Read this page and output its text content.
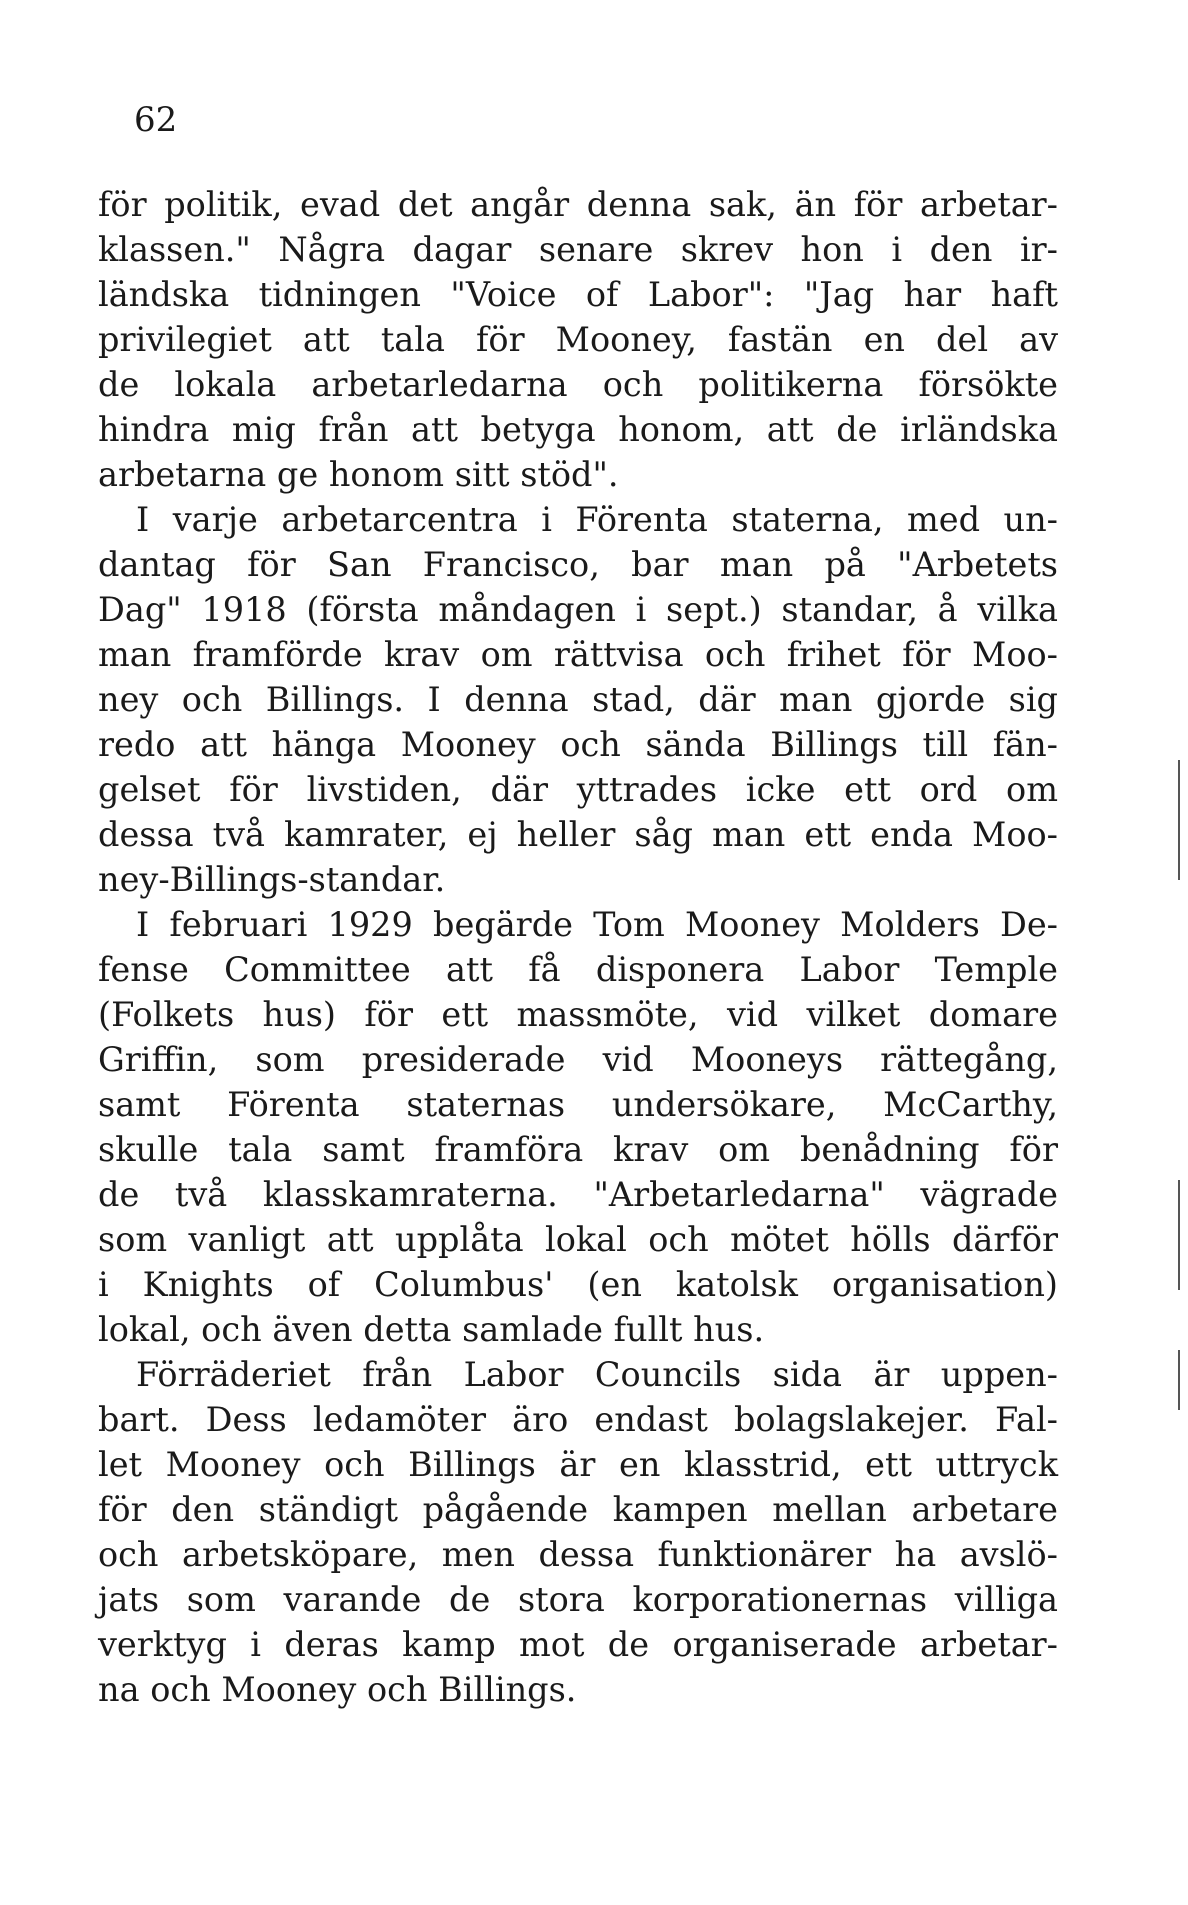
62
för politik, evad det angår denna sak, än för arbetar-
klassen." Några dagar senare skrev hon i den ir-
ländska tidningen "Voice of Labor": "Jag har haft
privilegiet att tala för Mooney, fastän en del av
de lokala arbetarledarna och politikerna försökte
hindra mig från att betyga honom, att de irländska
arbetarna ge honom sitt stöd".
I varje arbetarcentra i Förenta staterna, med un-
dantag för San Francisco, bar man på "Arbetets
Dag" 1918 (första måndagen i sept.) standar, å vilka
man framförde krav om rättvisa och frihet för Moo-
ney och Billings. I denna stad, där man gjorde sig
redo att hänga Mooney och sända Billings till fän-
gelset för livstiden, där yttrades icke ett ord om
dessa två kamrater, ej heller såg man ett enda Moo-
ney-Billings-standar.
I februari 1929 begärde Tom Mooney Molders De-
fense Committee att få disponera Labor Temple
(Folkets hus) för ett massmöte, vid vilket domare
Griffin, som presiderade vid Mooneys rättegång,
samt Förenta staternas undersökare, McCarthy,
skulle tala samt framföra krav om benådning för
de två klasskamraterna. "Arbetarledarna" vägrade
som vanligt att upplåta lokal och mötet hölls därför
i Knights of Columbus' (en katolsk organisation)
lokal, och även detta samlade fullt hus.
Förräderiet från Labor Councils sida är uppen-
bart. Dess ledamöter äro endast bolagslakejer. Fal-
let Mooney och Billings är en klasstrid, ett uttryck
för den ständigt pågående kampen mellan arbetare
och arbetsköpare, men dessa funktionärer ha avslö-
jats som varande de stora korporationernas villiga
verktyg i deras kamp mot de organiserade arbetar-
na och Mooney och Billings.
